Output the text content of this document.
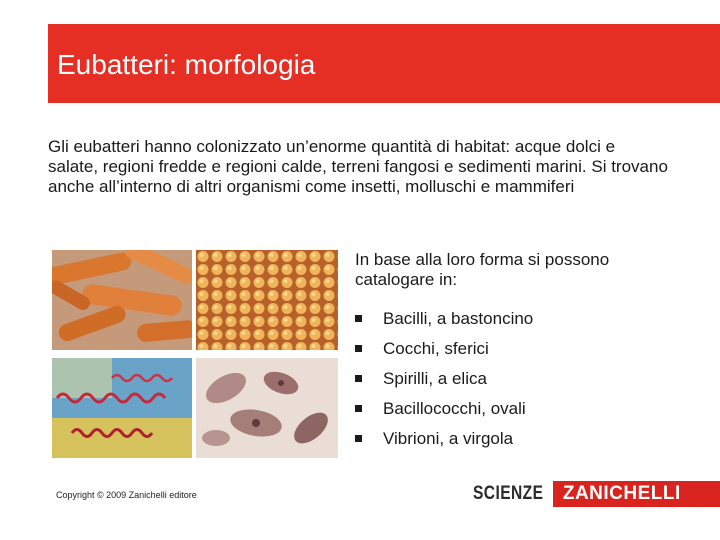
Eubatteri: morfologia
Gli eubatteri hanno colonizzato un’enorme quantità di habitat: acque dolci e salate, regioni fredde e regioni calde, terreni fangosi e sedimenti marini. Si trovano anche all’interno di altri organismi come insetti, molluschi e mammiferi
In base alla loro forma si possono catalogare in:
Bacilli, a bastoncino
Cocchi, sferici
Spirilli, a elica
Bacillococchi, ovali
Vibrioni, a virgola
Copyright © 2009 Zanichelli editore	SCIENZE	ZANICHELLI
